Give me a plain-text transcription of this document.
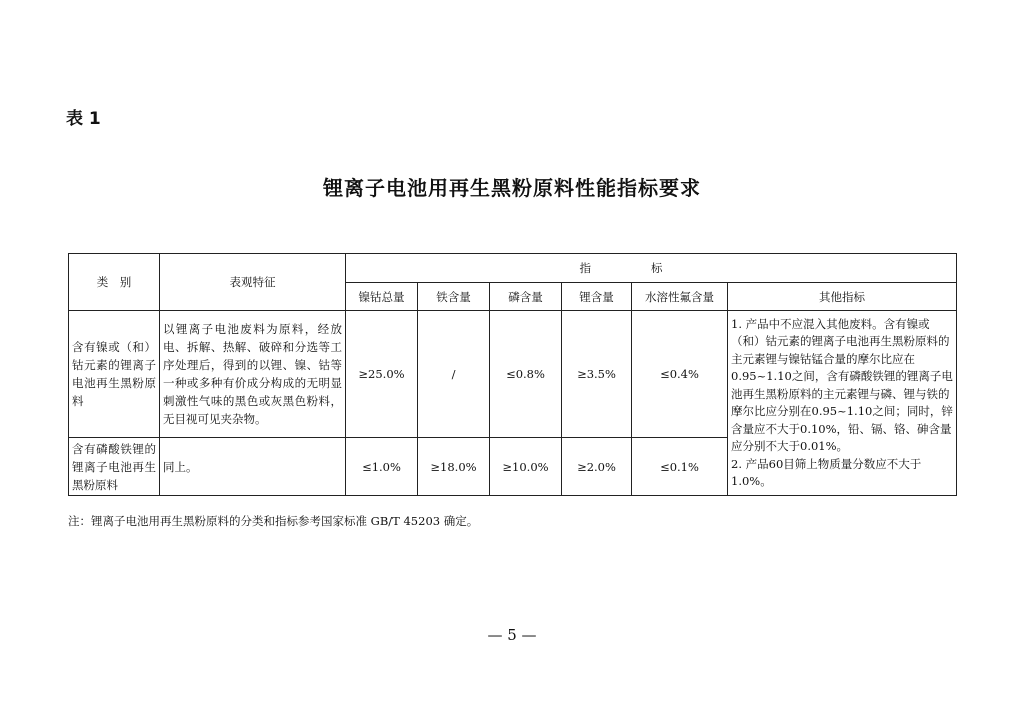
表 1
锂离子电池用再生黑粉原料性能指标要求
类　别	表观特征	指标					
		镍钴总量	铁含量	磷含量	锂含量	水溶性氟含量	其他指标
含有镍或（和）钴元素的锂离子电池再生黑粉原料	以锂离子电池废料为原料，经放电、拆解、热解、破碎和分选等工序处理后，得到的以锂、镍、钴等一种或多种有价成分构成的无明显刺激性气味的黑色或灰黑色粉料，无目视可见夹杂物。	≥25.0%	/	≤0.8%	≥3.5%	≤0.4%	1. 产品中不应混入其他废料。含有镍或（和）钴元素的锂离子电池再生黑粉原料的主元素锂与镍钴锰合量的摩尔比应在0.95~1.10之间，含有磷酸铁锂的锂离子电池再生黑粉原料的主元素锂与磷、锂与铁的摩尔比应分别在0.95~1.10之间；同时，锌含量应不大于0.10%，铅、镉、铬、砷含量应分别不大于0.01%。
2. 产品60目筛上物质量分数应不大于1.0%。

含有磷酸铁锂的锂离子电池再生黑粉原料	同上。	≤1.0%	≥18.0%	≥10.0%	≥2.0%	≤0.1%	
注：锂离子电池用再生黑粉原料的分类和指标参考国家标准 GB/T 45203 确定。
— 5 —
